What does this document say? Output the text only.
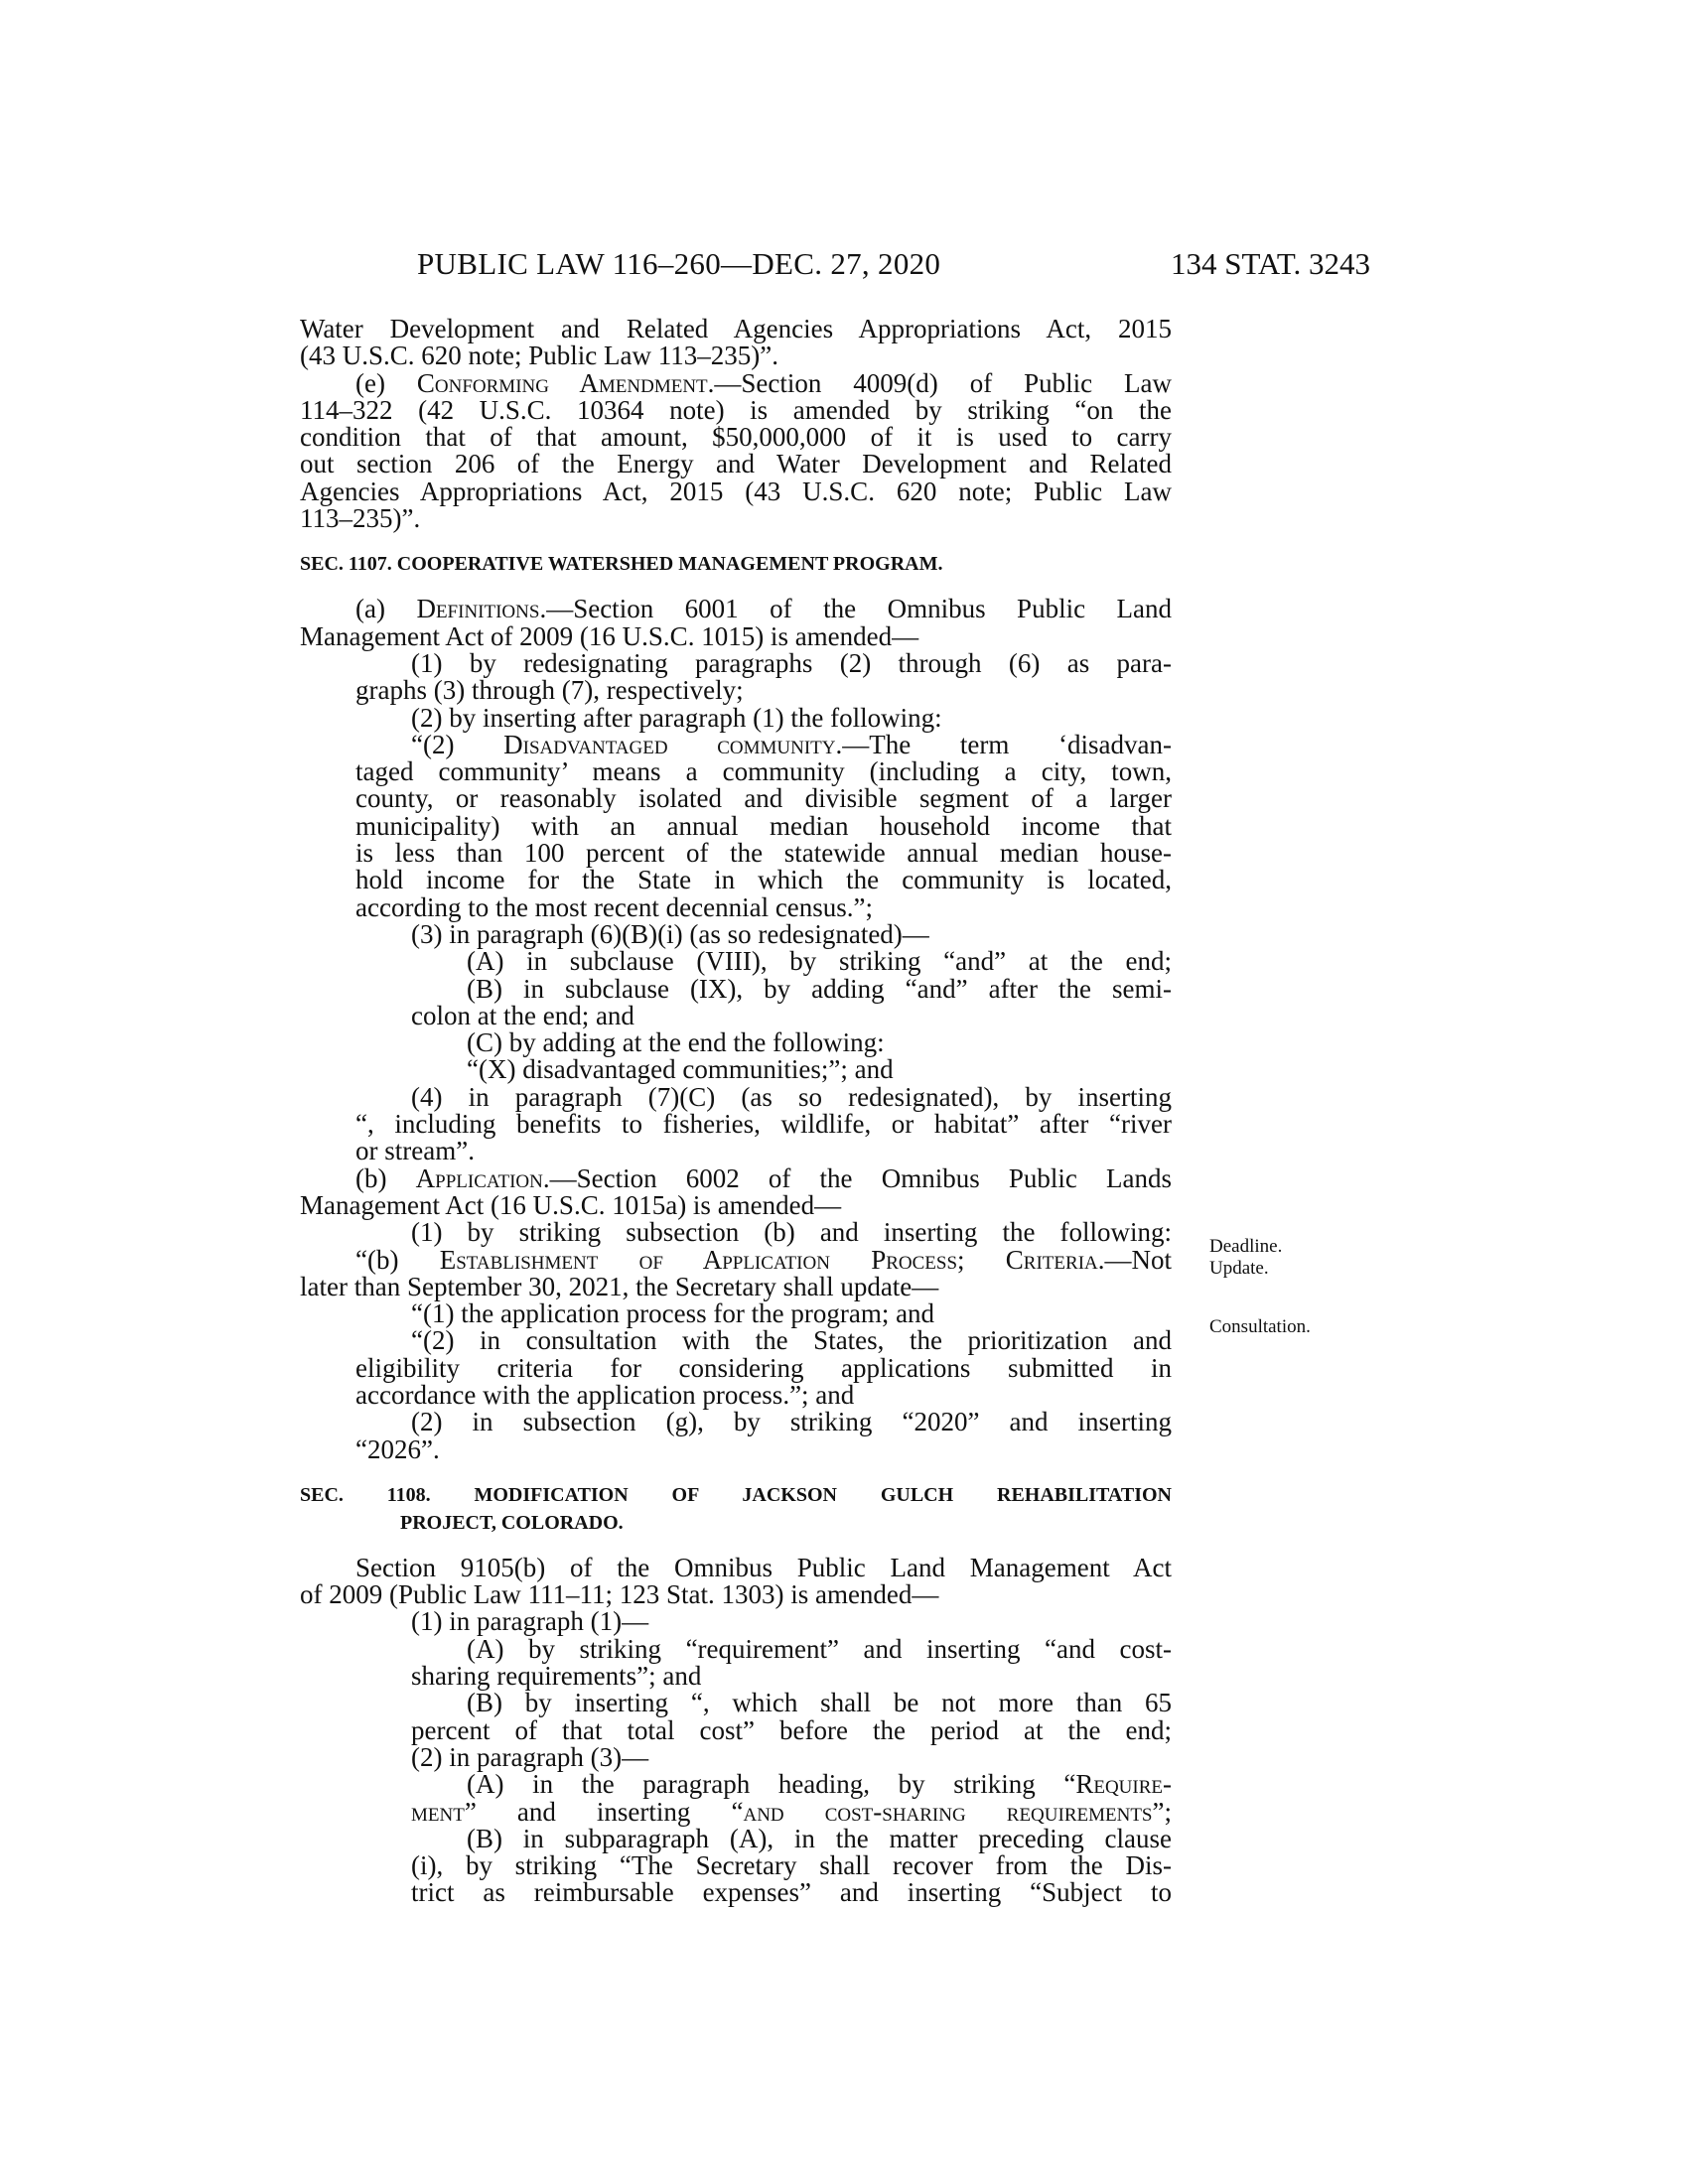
PUBLIC LAW 116–260—DEC. 27, 2020	134 STAT. 3243
Water Development and Related Agencies Appropriations Act, 2015
(43 U.S.C. 620 note; Public Law 113–235)”.
(e) Conforming Amendment.—Section 4009(d) of Public Law
114–322 (42 U.S.C. 10364 note) is amended by striking “on the
condition that of that amount, $50,000,000 of it is used to carry
out section 206 of the Energy and Water Development and Related
Agencies Appropriations Act, 2015 (43 U.S.C. 620 note; Public Law
113–235)”.
SEC. 1107. COOPERATIVE WATERSHED MANAGEMENT PROGRAM.
(a) Definitions.—Section 6001 of the Omnibus Public Land
Management Act of 2009 (16 U.S.C. 1015) is amended—
(1) by redesignating paragraphs (2) through (6) as para-
graphs (3) through (7), respectively;
(2) by inserting after paragraph (1) the following:
“(2) Disadvantaged community.—The term ‘disadvan-
taged community’ means a community (including a city, town,
county, or reasonably isolated and divisible segment of a larger
municipality) with an annual median household income that
is less than 100 percent of the statewide annual median house-
hold income for the State in which the community is located,
according to the most recent decennial census.”;
(3) in paragraph (6)(B)(i) (as so redesignated)—
(A) in subclause (VIII), by striking “and” at the end;
(B) in subclause (IX), by adding “and” after the semi-
colon at the end; and
(C) by adding at the end the following:
“(X) disadvantaged communities;”; and
(4) in paragraph (7)(C) (as so redesignated), by inserting
“, including benefits to fisheries, wildlife, or habitat” after “river
or stream”.
(b) Application.—Section 6002 of the Omnibus Public Lands
Management Act (16 U.S.C. 1015a) is amended—
(1) by striking subsection (b) and inserting the following:
“(b) Establishment of Application Process; Criteria.—Not
later than September 30, 2021, the Secretary shall update—
“(1) the application process for the program; and
“(2) in consultation with the States, the prioritization and
eligibility criteria for considering applications submitted in
accordance with the application process.”; and
(2) in subsection (g), by striking “2020” and inserting
“2026”.
SEC. 1108. MODIFICATION OF JACKSON GULCH REHABILITATION
PROJECT, COLORADO.
Section 9105(b) of the Omnibus Public Land Management Act
of 2009 (Public Law 111–11; 123 Stat. 1303) is amended—
(1) in paragraph (1)—
(A) by striking “requirement” and inserting “and cost-
sharing requirements”; and
(B) by inserting “, which shall be not more than 65
percent of that total cost” before the period at the end;
(2) in paragraph (3)—
(A) in the paragraph heading, by striking “Require-
ment” and inserting “and cost-sharing requirements”;
(B) in subparagraph (A), in the matter preceding clause
(i), by striking “The Secretary shall recover from the Dis-
trict as reimbursable expenses” and inserting “Subject to
Deadline.
Update.
Consultation.
